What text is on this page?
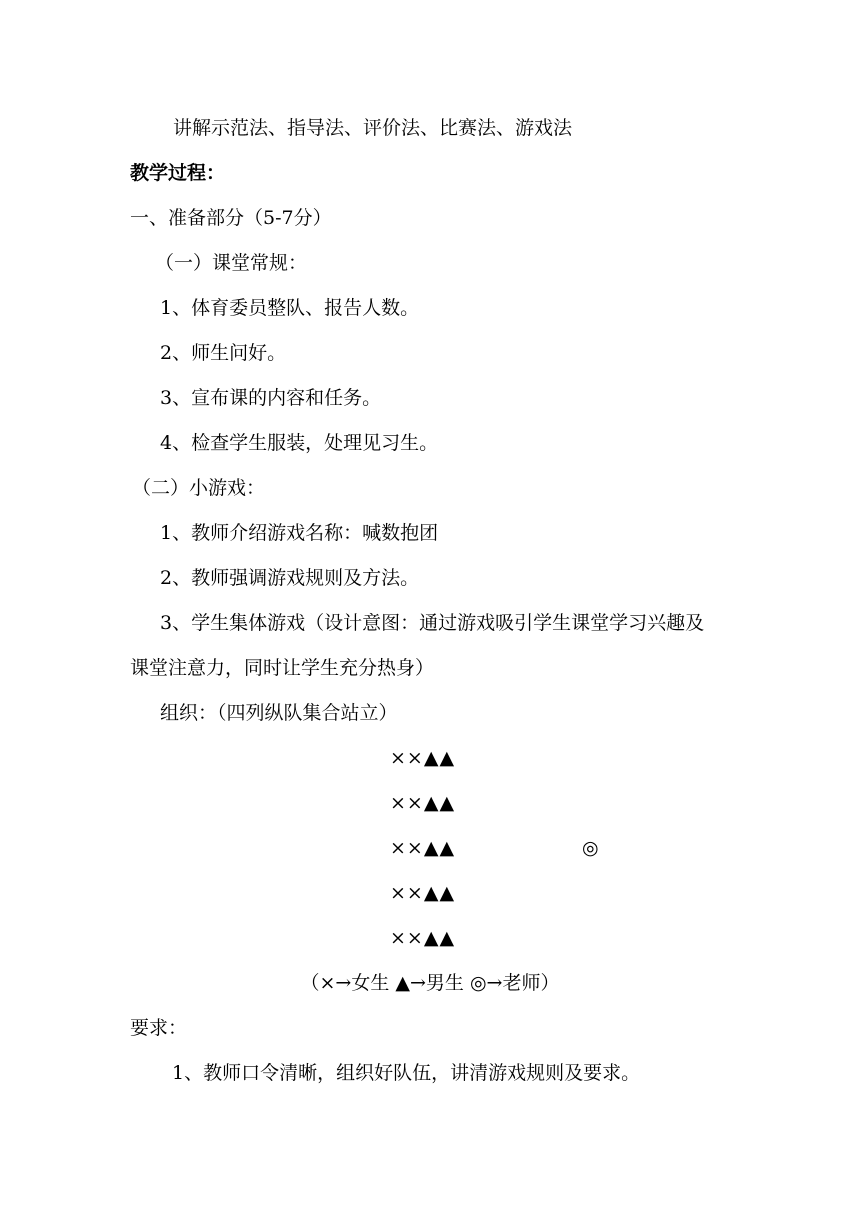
讲解示范法、指导法、评价法、比赛法、游戏法
教学过程：
一、准备部分（5-7分）
（一）课堂常规：
1、体育委员整队、报告人数。
2、师生问好。
3、宣布课的内容和任务。
4、检查学生服装，处理见习生。
（二）小游戏：
1、教师介绍游戏名称：喊数抱团
2、教师强调游戏规则及方法。
3、学生集体游戏（设计意图：通过游戏吸引学生课堂学习兴趣及
课堂注意力，同时让学生充分热身）
组织：（四列纵队集合站立）
××▲▲
××▲▲
××▲▲
××▲▲
××▲▲
◎
（×→女生 ▲→男生 ◎→老师）
要求：
1、教师口令清晰，组织好队伍，讲清游戏规则及要求。
